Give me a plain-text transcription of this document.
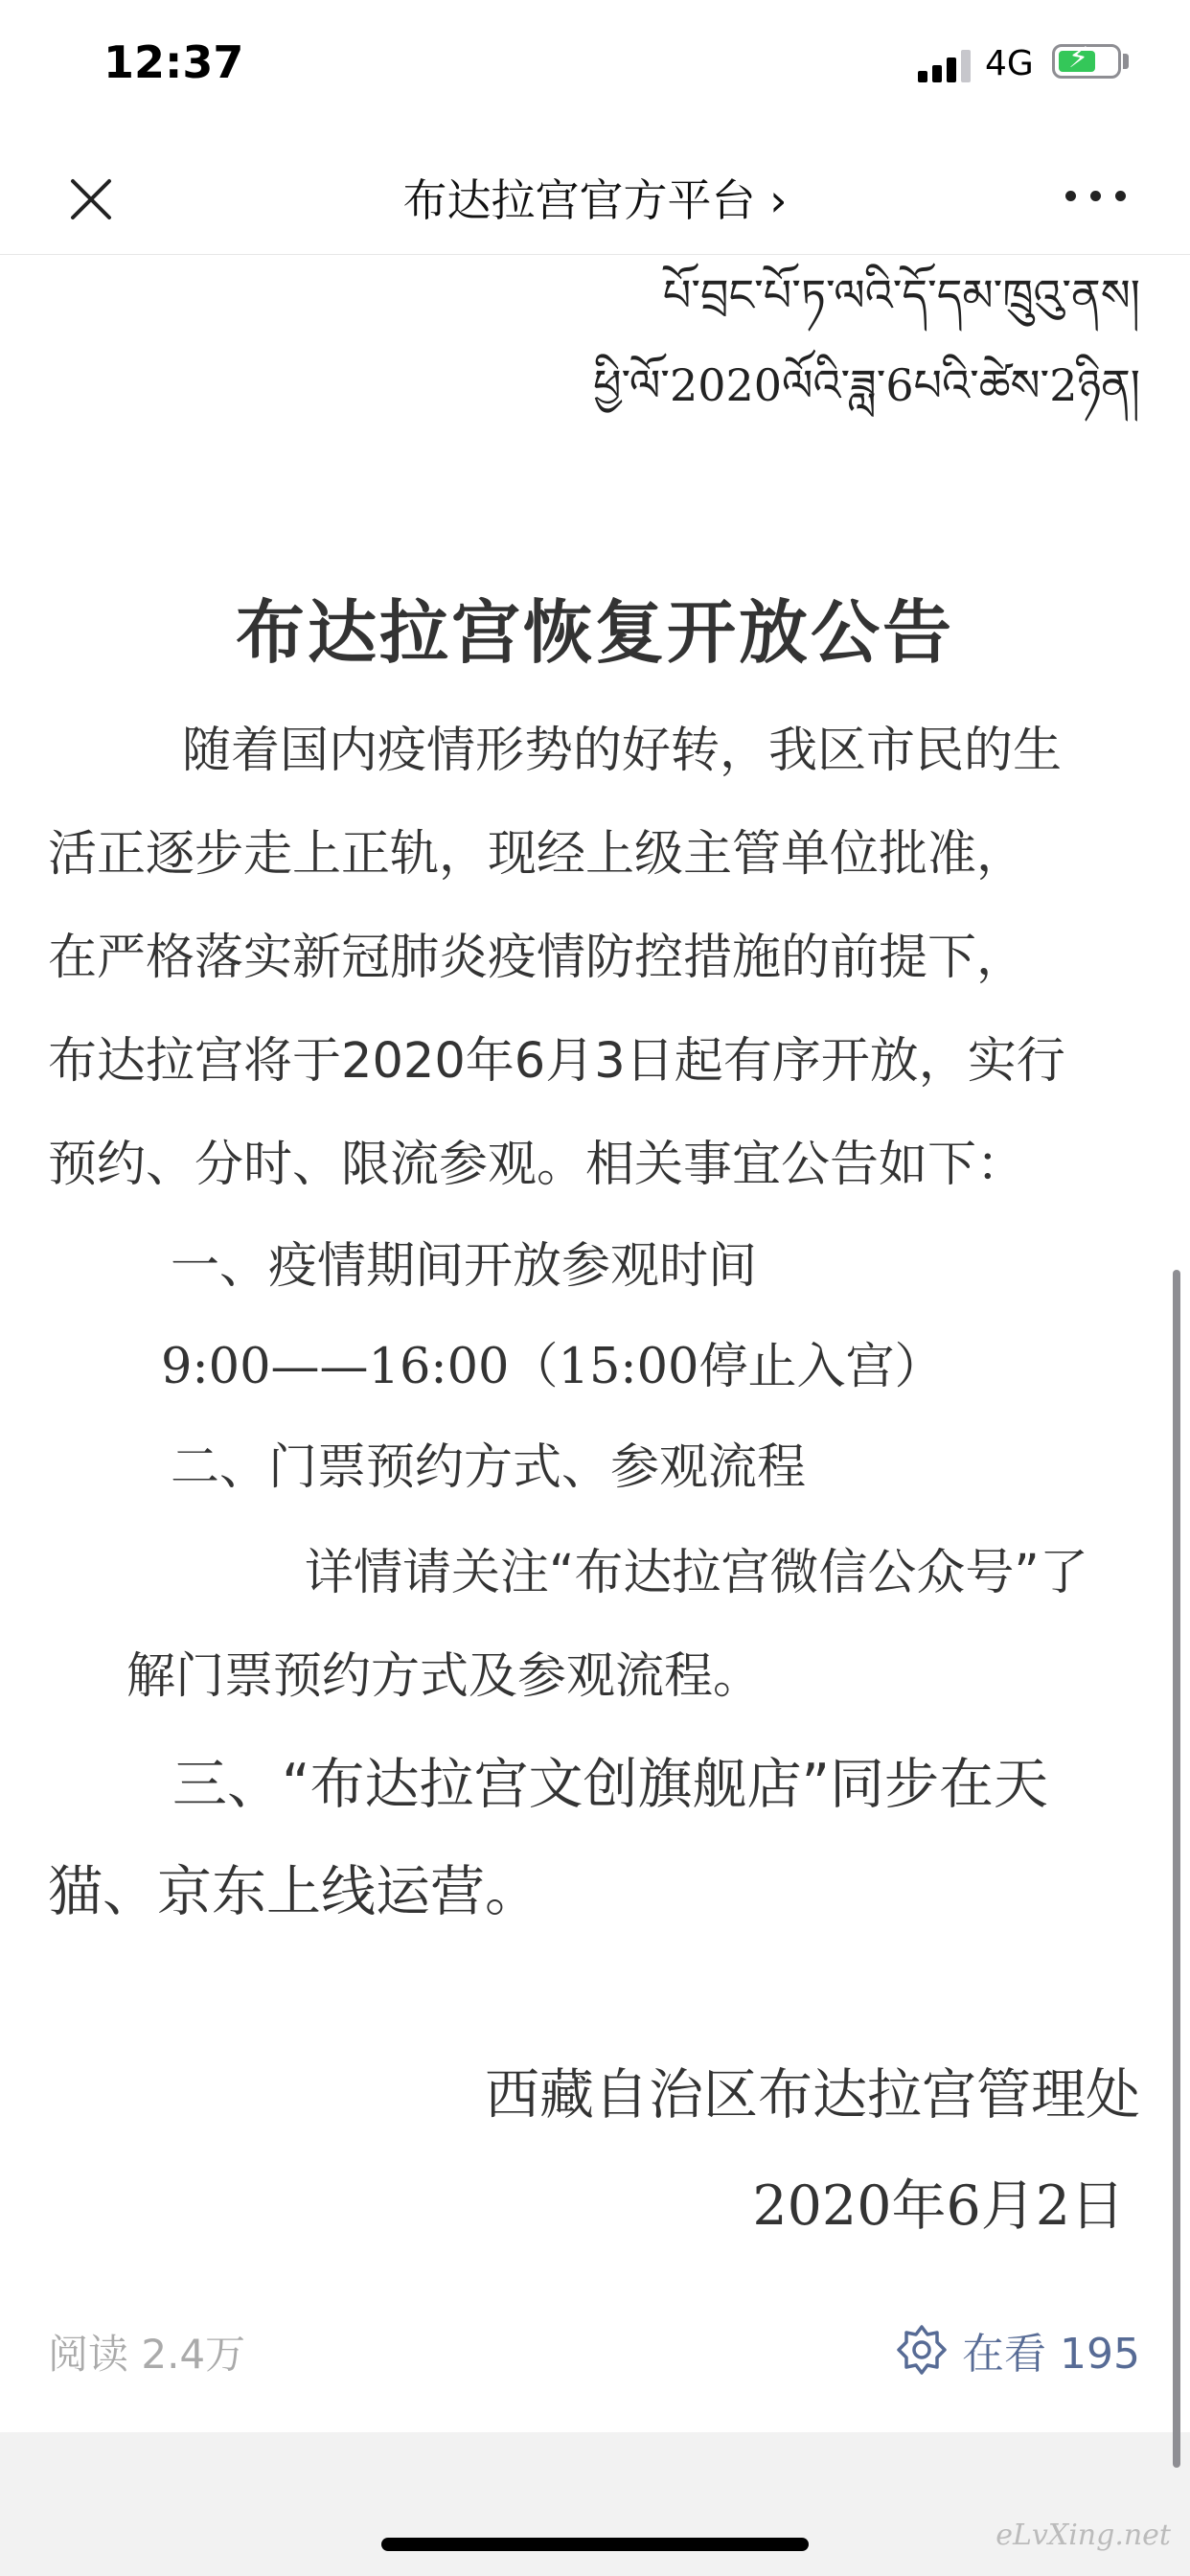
12:37	4G ⚡
布达拉宫官方平台 ›
པོ་བྲང་པོ་ཏ་ལའི་དོ་དམ་ཁྲུའུ་ནས།
ཕྱི་ལོ་2020ལོའི་ཟླ་6པའི་ཚེས་2ཉིན།
布达拉宫恢复开放公告
随着国内疫情形势的好转，我区市民的生
活正逐步走上正轨，现经上级主管单位批准，
在严格落实新冠肺炎疫情防控措施的前提下，
布达拉宫将于2020年6月3日起有序开放，实行
预约、分时、限流参观。相关事宜公告如下：
一、疫情期间开放参观时间
9:00——16:00（15:00停止入宫）
二、门票预约方式、参观流程
详情请关注“布达拉宫微信公众号”了
解门票预约方式及参观流程。
三、“布达拉宫文创旗舰店”同步在天
猫、京东上线运营。
西藏自治区布达拉宫管理处
2020年6月2日
阅读 2.4万	在看 195
eLvXing.net
